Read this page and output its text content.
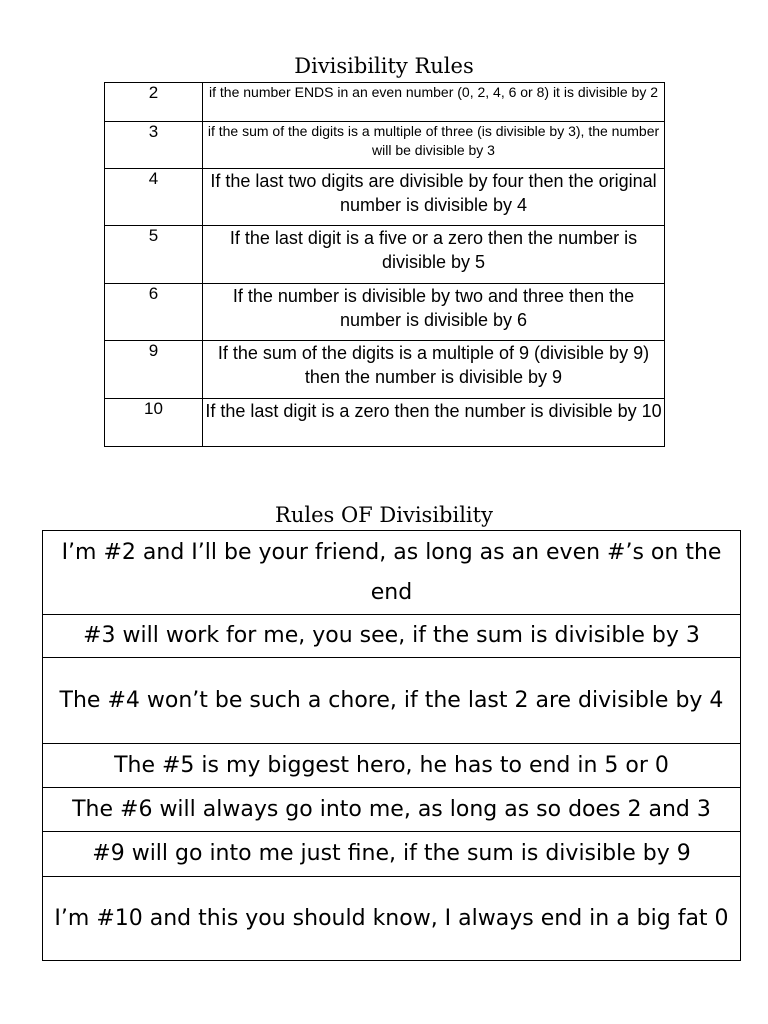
Divisibility Rules
2	if the number ENDS in an even number (0, 2, 4, 6 or 8) it is divisible by 2
3	if the sum of the digits is a multiple of three (is divisible by 3), the number will be divisible by 3
4	If the last two digits are divisible by four then the original number is divisible by 4
5	If the last digit is a five or a zero then the number is divisible by 5
6	If the number is divisible by two and three then the number is divisible by 6
9	If the sum of the digits is a multiple of 9 (divisible by 9) then the number is divisible by 9
10	If the last digit is a zero then the number is divisible by 10
Rules OF Divisibility
I’m #2 and I’ll be your friend, as long as an even #’s on the end
#3 will work for me, you see, if the sum is divisible by 3
The #4 won’t be such a chore, if the last 2 are divisible by 4
The #5 is my biggest hero, he has to end in 5 or 0
The #6 will always go into me, as long as so does 2 and 3
#9 will go into me just fine, if the sum is divisible by 9
I’m #10 and this you should know, I always end in a big fat 0
